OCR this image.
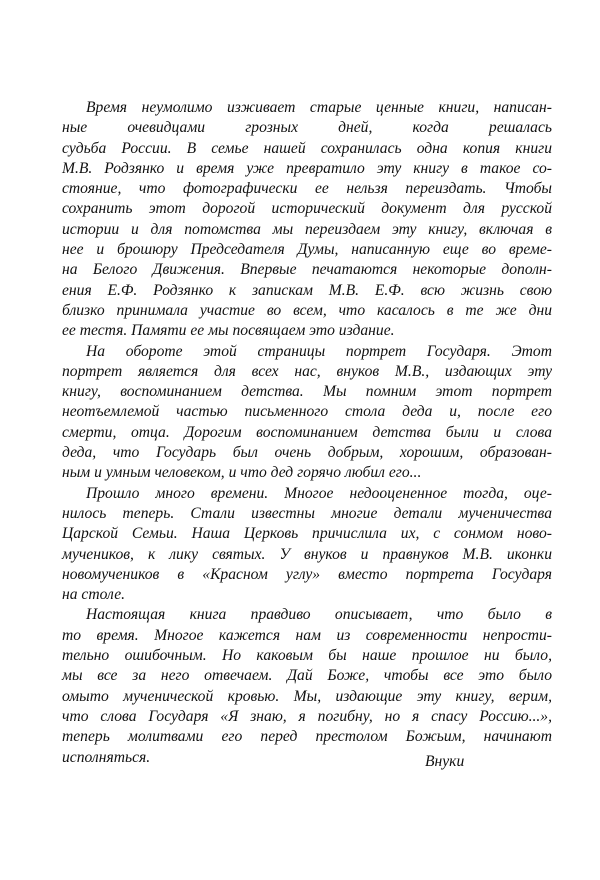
Время неумолимо изживает старые ценные книги, написан-
ные очевидцами грозных дней, когда решалась
судьба России. В семье нашей сохранилась одна копия книги
М.В. Родзянко и время уже превратило эту книгу в такое со-
стояние, что фотографически ее нельзя переиздать. Чтобы
сохранить этот дорогой исторический документ для русской
истории и для потомства мы переиздаем эту книгу, включая в
нее и брошюру Председателя Думы, написанную еще во време-
на Белого Движения. Впервые печатаются некоторые дополн-
ения Е.Ф. Родзянко к запискам М.В. Е.Ф. всю жизнь свою
близко принимала участие во всем, что касалось в те же дни
ее тестя. Памяти ее мы посвящаем это издание.
На обороте этой страницы портрет Государя. Этот
портрет является для всех нас, внуков М.В., издающих эту
книгу, воспоминанием детства. Мы помним этот портрет
неотъемлемой частью письменного стола деда и, после его
смерти, отца. Дорогим воспоминанием детства были и слова
деда, что Государь был очень добрым, хорошим, образован-
ным и умным человеком, и что дед горячо любил его...
Прошло много времени. Многое недооцененное тогда, оце-
нилось теперь. Стали известны многие детали мученичества
Царской Семьи. Наша Церковь причислила их, с сонмом ново-
мучеников, к лику святых. У внуков и правнуков М.В. иконки
новомучеников в «Красном углу» вместо портрета Государя
на столе.
Настоящая книга правдиво описывает, что было в
то время. Многое кажется нам из современности непрости-
тельно ошибочным. Но каковым бы наше прошлое ни было,
мы все за него отвечаем. Дай Боже, чтобы все это было
омыто мученической кровью. Мы, издающие эту книгу, верим,
что слова Государя «Я знаю, я погибну, но я спасу Россию...»,
теперь молитвами его перед престолом Божьим, начинают
исполняться.	Внуки
